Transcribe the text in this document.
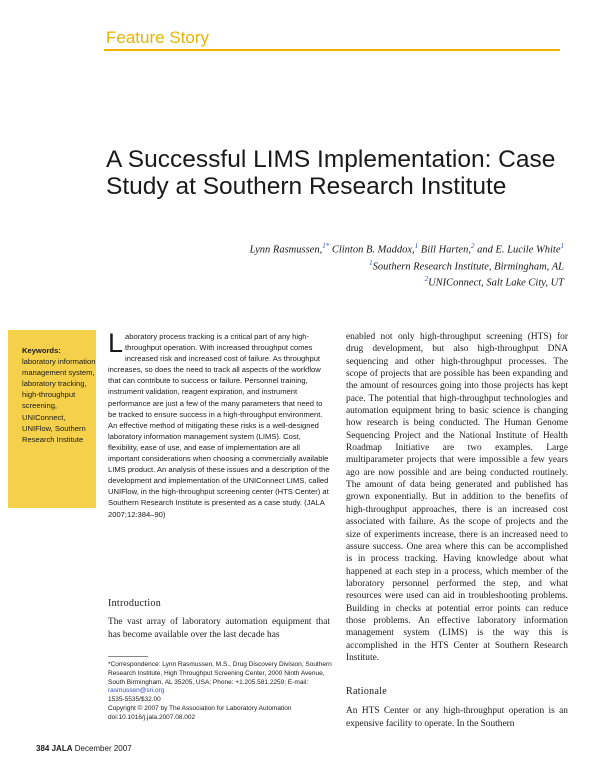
Feature Story
A Successful LIMS Implementation: Case Study at Southern Research Institute
Lynn Rasmussen,$^{1*}$ Clinton B. Maddox,$^1$ Bill Harten,$^2$ and E. Lucile White$^1$
$^1$Southern Research Institute, Birmingham, AL
$^2$UNIConnect, Salt Lake City, UT
Keywords:
laboratory information management system, laboratory tracking, high-throughput screening, UNIConnect, UNIFlow, Southern Research Institute
Laboratory process tracking is a critical part of any high-throughput operation. With increased throughput comes increased risk and increased cost of failure. As throughput increases, so does the need to track all aspects of the workflow that can contribute to success or failure. Personnel training, instrument validation, reagent expiration, and instrument performance are just a few of the many parameters that need to be tracked to ensure success in a high-throughput environment. An effective method of mitigating these risks is a well-designed laboratory information management system (LIMS). Cost, flexibility, ease of use, and ease of implementation are all important considerations when choosing a commercially available LIMS product. An analysis of these issues and a description of the development and implementation of the UNIConnect LIMS, called UNIFlow, in the high-throughput screening center (HTS Center) at Southern Research Institute is presented as a case study. (JALA 2007;12:384–90)
Introduction
The vast array of laboratory automation equipment that has become available over the last decade has
*Correspondence: Lynn Rasmussen, M.S., Drug Discovery Division, Southern Research Institute, High Throughput Screening Center, 2000 Ninth Avenue, South Birmingham, AL 35205, USA; Phone: +1.205.581.2259; E-mail: rasmussen@sri.org
1535-5535/$32.00
Copyright © 2007 by The Association for Laboratory Automation
doi:10.1016/j.jala.2007.08.002
enabled not only high-throughput screening (HTS) for drug development, but also high-throughput DNA sequencing and other high-throughput processes. The scope of projects that are possible has been expanding and the amount of resources going into those projects has kept pace. The potential that high-throughput technologies and automation equipment bring to basic science is changing how research is being conducted. The Human Genome Sequencing Project and the National Institute of Health Roadmap Initiative are two examples. Large multiparameter projects that were impossible a few years ago are now possible and are being conducted routinely. The amount of data being generated and published has grown exponentially. But in addition to the benefits of high-throughput approaches, there is an increased cost associated with failure. As the scope of projects and the size of experiments increase, there is an increased need to assure success. One area where this can be accomplished is in process tracking. Having knowledge about what happened at each step in a process, which member of the laboratory personnel performed the step, and what resources were used can aid in troubleshooting problems. Building in checks at potential error points can reduce those problems. An effective laboratory information management system (LIMS) is the way this is accomplished in the HTS Center at Southern Research Institute.
Rationale
An HTS Center or any high-throughput operation is an expensive facility to operate. In the Southern
384 JALA December 2007
